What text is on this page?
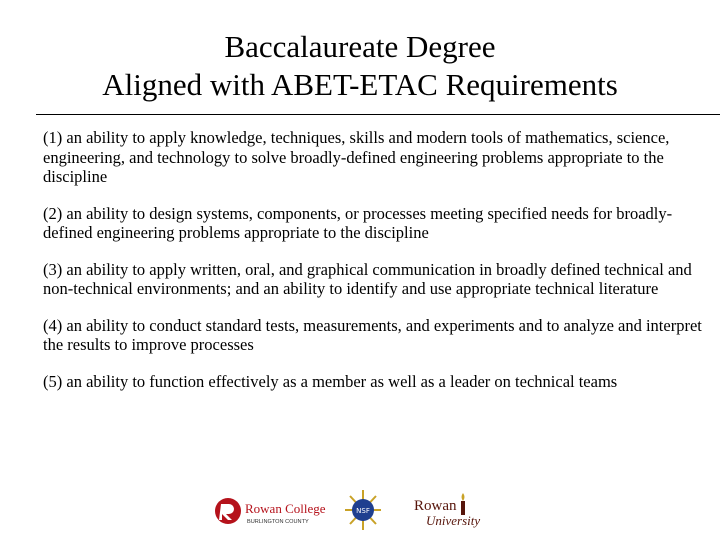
Baccalaureate Degree
Aligned with ABET-ETAC Requirements
(1) an ability to apply knowledge, techniques, skills and modern tools of mathematics, science, engineering, and technology to solve broadly-defined engineering problems appropriate to the discipline
(2) an ability to design systems, components, or processes meeting specified needs for broadly-defined engineering problems appropriate to the discipline
(3) an ability to apply written, oral, and graphical communication in broadly defined technical and non-technical environments; and an ability to identify and use appropriate technical literature
(4) an ability to conduct standard tests, measurements, and experiments and to analyze and interpret the results to improve processes
(5) an ability to function effectively as a member as well as a leader on technical teams
Rowan College
BURLINGTON COUNTY
NSF	Rowan
University
